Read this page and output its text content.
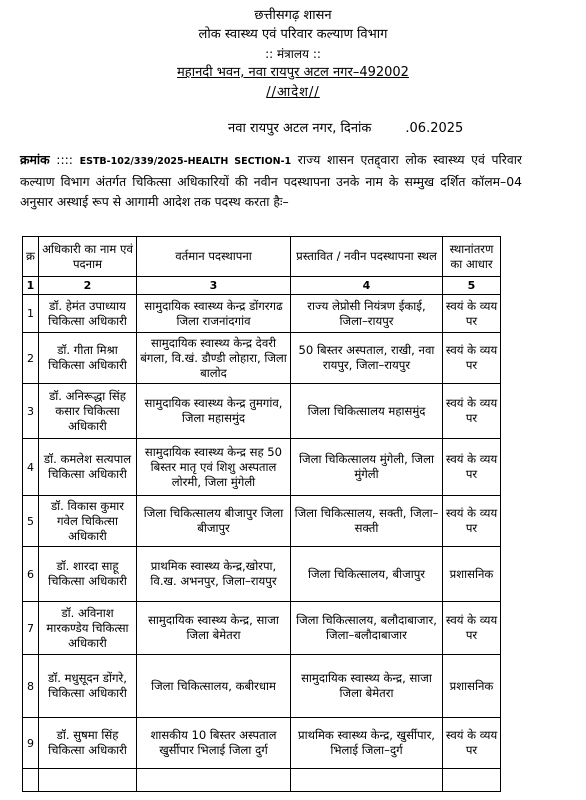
छत्तीसगढ़ शासन
लोक स्वास्थ्य एवं परिवार कल्याण विभाग
:: मंत्रालय ::
महानदी भवन, नवा रायपुर अटल नगर–492002
//आदेश//
नवा रायपुर अटल नगर, दिनांक	.06.2025
क्रमांक :::: ESTB-102/339/2025-HEALTH SECTION-1 राज्य शासन एतद्द्वारा लोक स्वास्थ्य एवं परिवार कल्याण विभाग अंतर्गत चिकित्सा अधिकारियों की नवीन पदस्थापना उनके नाम के सम्मुख दर्शित कॉलम–04 अनुसार अस्थाई रूप से आगामी आदेश तक पदस्थ करता हैः–
क्र	अधिकारी का नाम एवं पदनाम	वर्तमान पदस्थापना	प्रस्तावित / नवीन पदस्थापना स्थल	स्थानांतरण का आधार
1	2	3	4	5
1	डॉ. हेमंत उपाध्याय चिकित्सा अधिकारी	सामुदायिक स्वास्थ्य केन्द्र डोंगरगढ जिला राजनांदगांव	राज्य लेप्रोसी नियंत्रण ईकाई, जिला–रायपुर	स्वयं के व्यय पर
2	डॉ. गीता मिश्रा चिकित्सा अधिकारी	सामुदायिक स्वास्थ्य केन्द्र देवरी बंगला, वि.खं. डौण्डी लोहारा, जिला बालोद	50 बिस्तर अस्पताल, राखी, नवा रायपुर, जिला–रायपुर	स्वयं के व्यय पर
3	डॉ. अनिरूद्धा सिंह कसार चिकित्सा अधिकारी	सामुदायिक स्वास्थ्य केन्द्र तुमगांव, जिला महासमुंद	जिला चिकित्सालय महासमुंद	स्वयं के व्यय पर
4	डॉ. कमलेश सत्यपाल चिकित्सा अधिकारी	सामुदायिक स्वास्थ्य केन्द्र सह 50 बिस्तर मातृ एवं शिशु अस्पताल लोरमी, जिला मुंगेली	जिला चिकित्सालय मुंगेली, जिला मुंगेली	स्वयं के व्यय पर
5	डॉ. विकास कुमार गवेल चिकित्सा अधिकारी	जिला चिकित्सालय बीजापुर जिला बीजापुर	जिला चिकित्सालय, सक्ती, जिला–सक्ती	स्वयं के व्यय पर
6	डॉ. शारदा साहू चिकित्सा अधिकारी	प्राथमिक स्वास्थ्य केन्द्र,खोरपा, वि.ख. अभनपुर, जिला–रायपुर	जिला चिकित्सालय, बीजापुर	प्रशासनिक
7	डॉ. अविनाश मारकण्डेय चिकित्सा अधिकारी	सामुदायिक स्वास्थ्य केन्द्र, साजा जिला बेमेतरा	जिला चिकित्सालय, बलौदाबाजार, जिला–बलौदाबाजार	स्वयं के व्यय पर
8	डॉ. मधुसूदन डोंगरे, चिकित्सा अधिकारी	जिला चिकित्सालय, कबीरधाम	सामुदायिक स्वास्थ्य केन्द्र, साजा जिला बेमेतरा	प्रशासनिक
9	डॉ. सुषमा सिंह चिकित्सा अधिकारी	शासकीय 10 बिस्तर अस्पताल खुर्सीपार भिलाई जिला दुर्ग	प्राथमिक स्वास्थ्य केन्द्र, खुर्सीपार, भिलाई जिला–दुर्ग	स्वयं के व्यय पर
